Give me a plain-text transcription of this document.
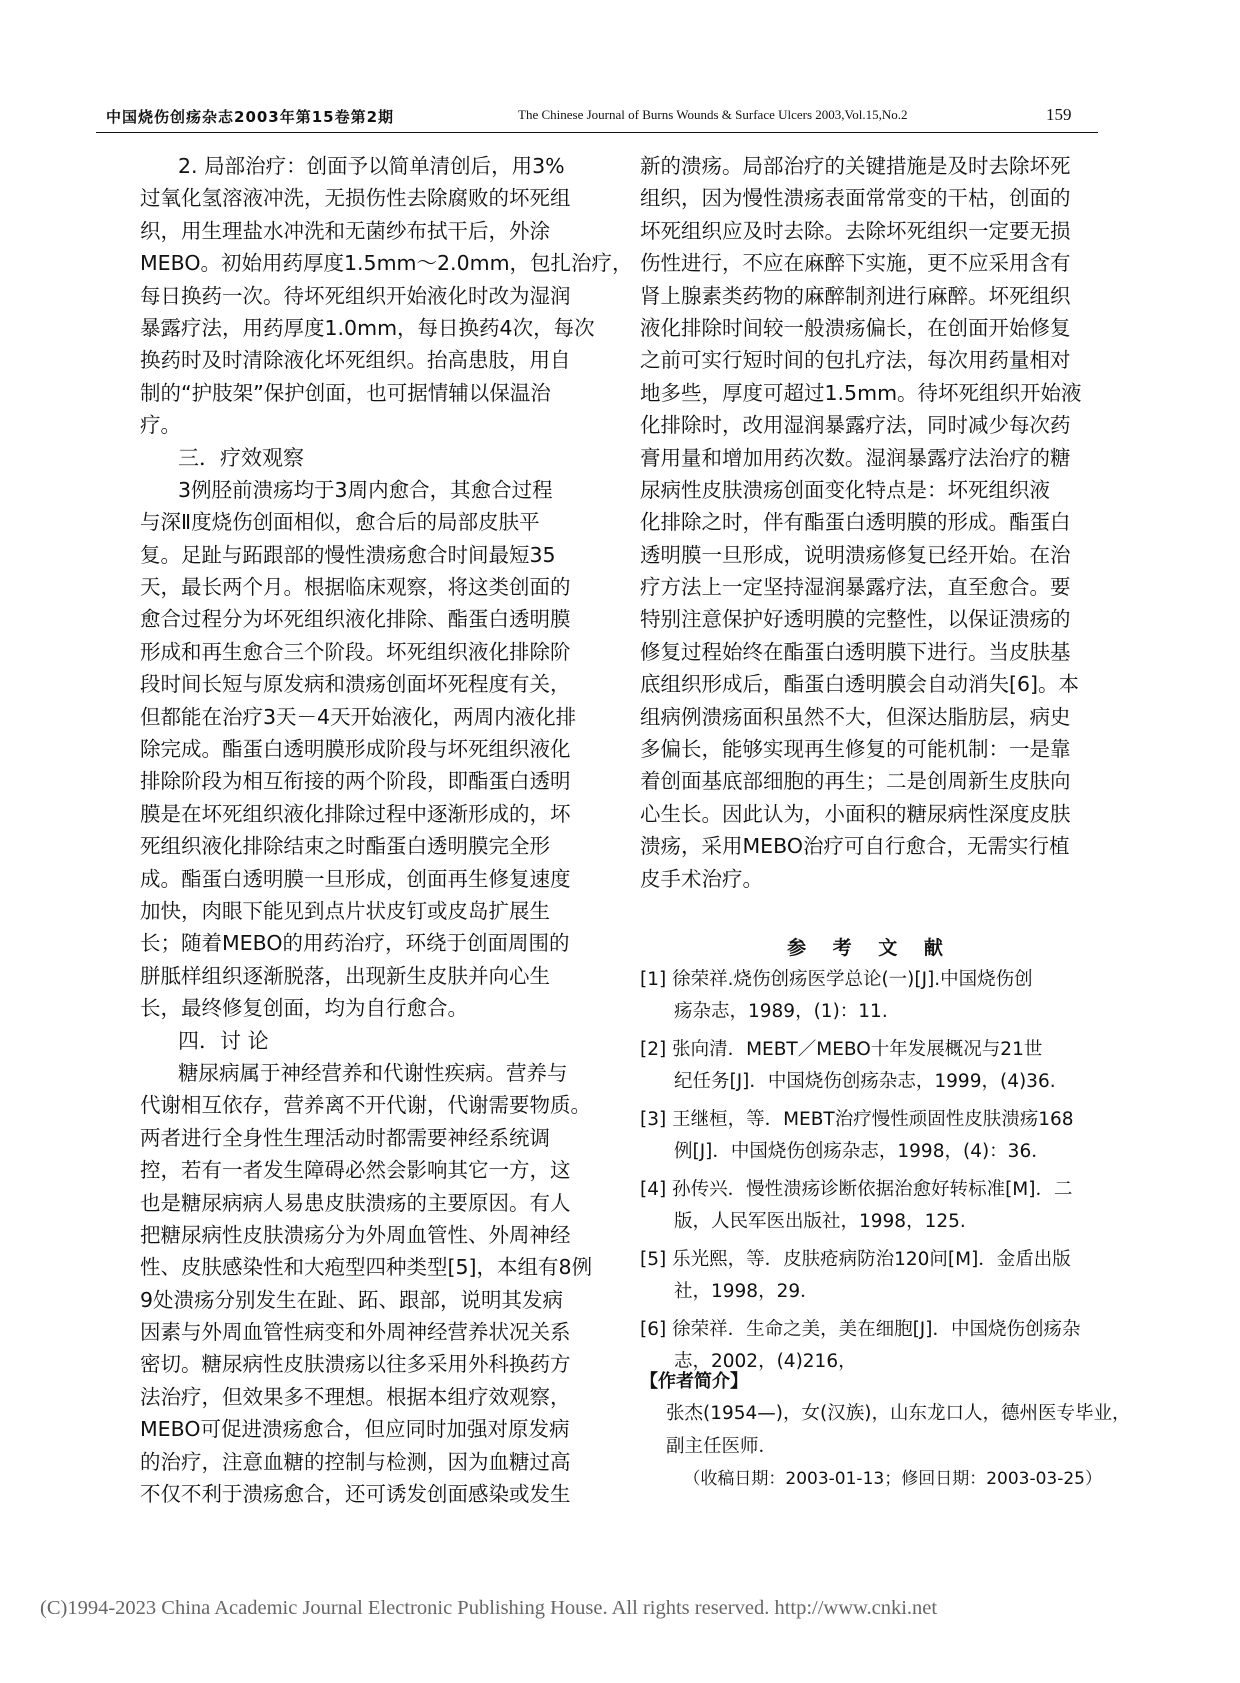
中国烧伤创疡杂志2003年第15卷第2期	The Chinese Journal of Burns Wounds & Surface Ulcers 2003,Vol.15,No.2	159
2. 局部治疗：创面予以简单清创后，用3%
过氧化氢溶液冲洗，无损伤性去除腐败的坏死组
织，用生理盐水冲洗和无菌纱布拭干后，外涂
MEBO。初始用药厚度1.5mm～2.0mm，包扎治疗，
每日换药一次。待坏死组织开始液化时改为湿润
暴露疗法，用药厚度1.0mm，每日换药4次，每次
换药时及时清除液化坏死组织。抬高患肢，用自
制的“护肢架”保护创面，也可据情辅以保温治
疗。
三．疗效观察
3例胫前溃疡均于3周内愈合，其愈合过程
与深Ⅱ度烧伤创面相似，愈合后的局部皮肤平
复。足趾与跖跟部的慢性溃疡愈合时间最短35
天，最长两个月。根据临床观察，将这类创面的
愈合过程分为坏死组织液化排除、酯蛋白透明膜
形成和再生愈合三个阶段。坏死组织液化排除阶
段时间长短与原发病和溃疡创面坏死程度有关，
但都能在治疗3天－4天开始液化，两周内液化排
除完成。酯蛋白透明膜形成阶段与坏死组织液化
排除阶段为相互衔接的两个阶段，即酯蛋白透明
膜是在坏死组织液化排除过程中逐渐形成的，坏
死组织液化排除结束之时酯蛋白透明膜完全形
成。酯蛋白透明膜一旦形成，创面再生修复速度
加快，肉眼下能见到点片状皮钉或皮岛扩展生
长；随着MEBO的用药治疗，环绕于创面周围的
胼胝样组织逐渐脱落，出现新生皮肤并向心生
长，最终修复创面，均为自行愈合。
四．讨 论
糖尿病属于神经营养和代谢性疾病。营养与
代谢相互依存，营养离不开代谢，代谢需要物质。
两者进行全身性生理活动时都需要神经系统调
控，若有一者发生障碍必然会影响其它一方，这
也是糖尿病病人易患皮肤溃疡的主要原因。有人
把糖尿病性皮肤溃疡分为外周血管性、外周神经
性、皮肤感染性和大疱型四种类型[5]，本组有8例
9处溃疡分别发生在趾、跖、跟部，说明其发病
因素与外周血管性病变和外周神经营养状况关系
密切。糖尿病性皮肤溃疡以往多采用外科换药方
法治疗，但效果多不理想。根据本组疗效观察，
MEBO可促进溃疡愈合，但应同时加强对原发病
的治疗，注意血糖的控制与检测，因为血糖过高
不仅不利于溃疡愈合，还可诱发创面感染或发生
新的溃疡。局部治疗的关键措施是及时去除坏死
组织，因为慢性溃疡表面常常变的干枯，创面的
坏死组织应及时去除。去除坏死组织一定要无损
伤性进行，不应在麻醉下实施，更不应采用含有
肾上腺素类药物的麻醉制剂进行麻醉。坏死组织
液化排除时间较一般溃疡偏长，在创面开始修复
之前可实行短时间的包扎疗法，每次用药量相对
地多些，厚度可超过1.5mm。待坏死组织开始液
化排除时，改用湿润暴露疗法，同时减少每次药
膏用量和增加用药次数。湿润暴露疗法治疗的糖
尿病性皮肤溃疡创面变化特点是：坏死组织液
化排除之时，伴有酯蛋白透明膜的形成。酯蛋白
透明膜一旦形成，说明溃疡修复已经开始。在治
疗方法上一定坚持湿润暴露疗法，直至愈合。要
特别注意保护好透明膜的完整性，以保证溃疡的
修复过程始终在酯蛋白透明膜下进行。当皮肤基
底组织形成后，酯蛋白透明膜会自动消失[6]。本
组病例溃疡面积虽然不大，但深达脂肪层，病史
多偏长，能够实现再生修复的可能机制：一是靠
着创面基底部细胞的再生；二是创周新生皮肤向
心生长。因此认为，小面积的糖尿病性深度皮肤
溃疡，采用MEBO治疗可自行愈合，无需实行植
皮手术治疗。
参 考 文 献
[1] 徐荣祥.烧伤创疡医学总论(一)[J].中国烧伤创
疡杂志，1989，(1)：11.
[2] 张向清．MEBT／MEBO十年发展概况与21世
纪任务[J]．中国烧伤创疡杂志，1999，(4)36.
[3] 王继桓，等．MEBT治疗慢性顽固性皮肤溃疡168
例[J]．中国烧伤创疡杂志，1998，(4)：36．
[4] 孙传兴．慢性溃疡诊断依据治愈好转标准[M]．二
版，人民军医出版社，1998，125.
[5] 乐光熙，等．皮肤疮病防治120问[M]．金盾出版
社，1998，29．
[6] 徐荣祥．生命之美，美在细胞[J]．中国烧伤创疡杂
志，2002，(4)216，
【作者简介】
张杰(1954—)，女(汉族)，山东龙口人，德州医专毕业，
副主任医师．
（收稿日期：2003-01-13；修回日期：2003-03-25）
(C)1994-2023 China Academic Journal Electronic Publishing House. All rights reserved. http://www.cnki.net
